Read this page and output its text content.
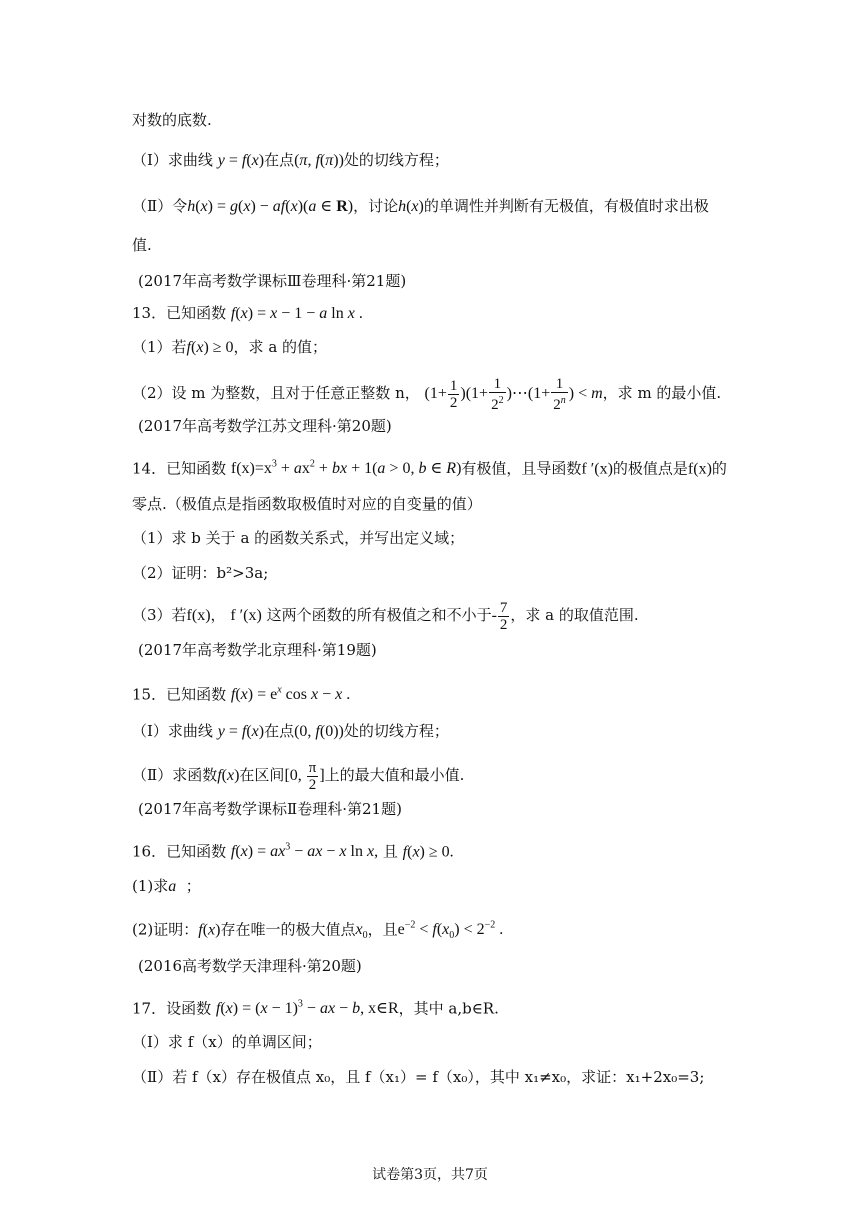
对数的底数.
（Ⅰ）求曲线 y = f(x)在点(π, f(π))处的切线方程；
（Ⅱ）令h(x) = g(x) − af(x)(a ∈ R)，讨论h(x)的单调性并判断有无极值，有极值时求出极
值.
(2017年高考数学课标Ⅲ卷理科·第21题)
13．已知函数 f(x) = x − 1 − a ln x .
（1）若f(x) ≥ 0，求 a 的值；
（2）设 m 为整数，且对于任意正整数 n， $(1+ \frac{1}{2} )(1+ \frac{1}{2^2}$ )⋯(1+ $\frac{1}{2^n}$ ) < m，求 m 的最小值.
(2017年高考数学江苏文理科·第20题)
14．已知函数 $f(x)=x^3 + ax^2$ + bx + 1(a > 0, b ∈ R)有极值，且导函数f ′(x)的极值点是f(x)的
零点.（极值点是指函数取极值时对应的自变量的值）
（1）求 b 关于 a 的函数关系式，并写出定义域；
（2）证明：b²>3a;
（3）若f(x)， f ′(x) 这两个函数的所有极值之和不小于- $\frac{7}{2}$ ，求 a 的取值范围.
(2017年高考数学北京理科·第19题)
15．已知函数 $f(x) = e^x$ cos x − x .
（Ⅰ）求曲线 y = f(x)在点(0, f(0))处的切线方程；
（Ⅱ）求函数f(x)在区间[0, $\frac{\pi}{2}$ ]上的最大值和最小值.
(2017年高考数学课标Ⅱ卷理科·第21题)
16．已知函数 $f(x) = ax^3$ − ax − x ln x, 且 f(x) ≥ 0.
(1)求a ；
(2)证明：f(x)存在唯一的极大值点$x_0$，且$e^{-2} < f(x_0) < 2^{-2}$ .
(2016高考数学天津理科·第20题)
17．设函数 $f(x) = (x - 1)^3$ − ax − b, x∈R，其中 a,b∈R.
（Ⅰ）求 f（x）的单调区间；
（Ⅱ）若 f（x）存在极值点 x₀，且 f（x₁）= f（x₀），其中 x₁≠x₀，求证：x₁+2x₀=3;
试卷第3页，共7页
